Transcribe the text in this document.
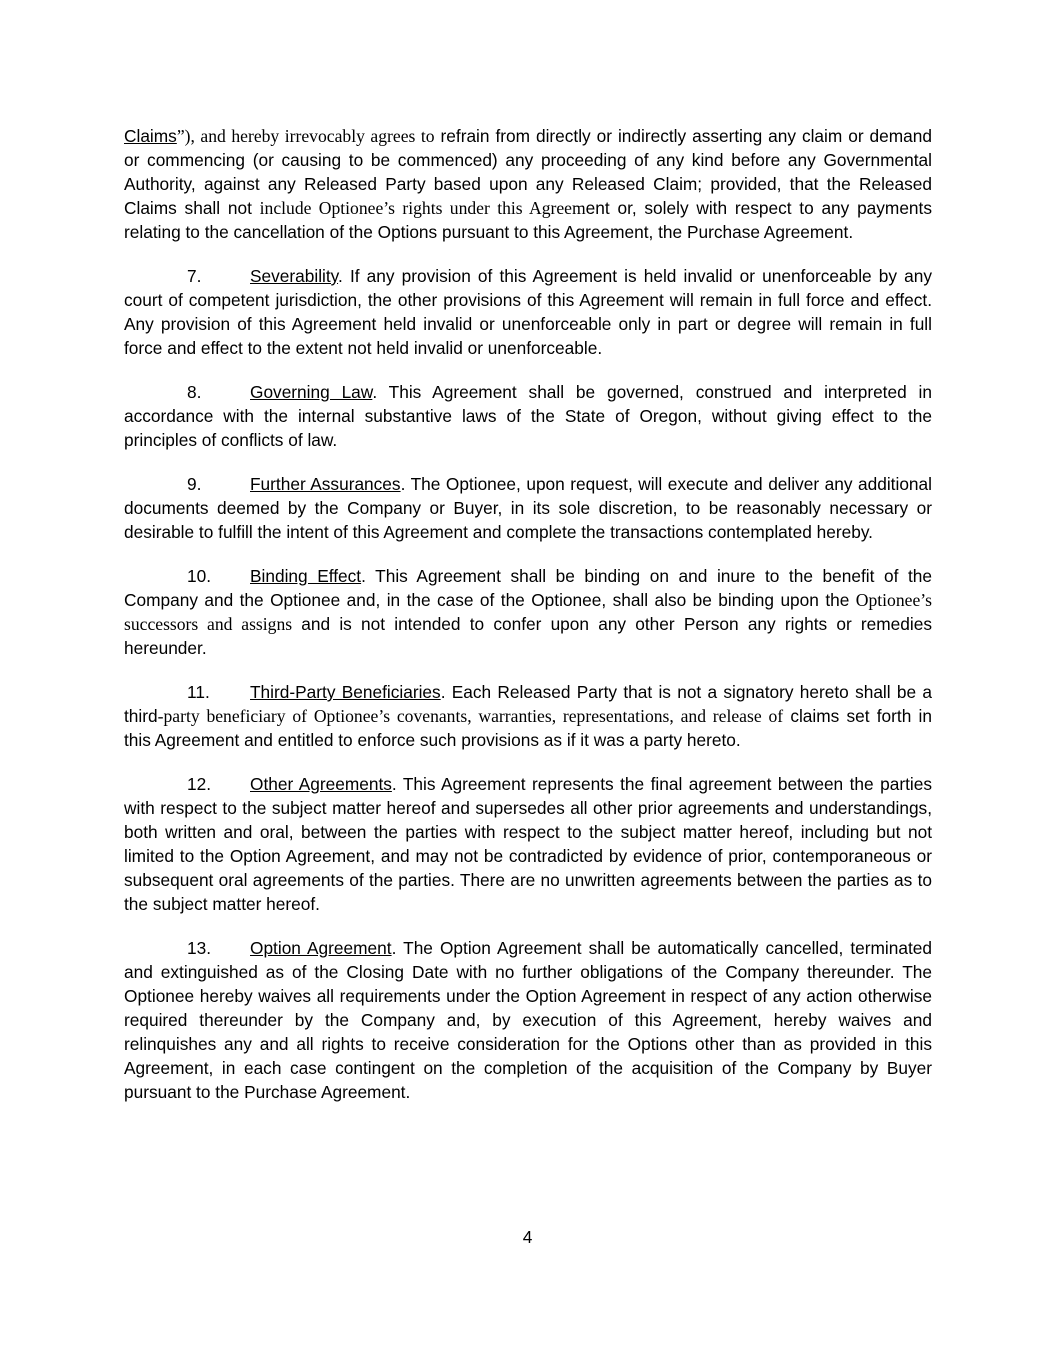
Claims”), and hereby irrevocably agrees to refrain from directly or indirectly asserting any claim or demand or commencing (or causing to be commenced) any proceeding of any kind before any Governmental Authority, against any Released Party based upon any Released Claim; provided, that the Released Claims shall not include Optionee’s rights under this Agreement or, solely with respect to any payments relating to the cancellation of the Options pursuant to this Agreement, the Purchase Agreement.

7.	Severability. If any provision of this Agreement is held invalid or unenforceable by any court of competent jurisdiction, the other provisions of this Agreement will remain in full force and effect. Any provision of this Agreement held invalid or unenforceable only in part or degree will remain in full force and effect to the extent not held invalid or unenforceable.

8.	Governing Law. This Agreement shall be governed, construed and interpreted in accordance with the internal substantive laws of the State of Oregon, without giving effect to the principles of conflicts of law.

9.	Further Assurances. The Optionee, upon request, will execute and deliver any additional documents deemed by the Company or Buyer, in its sole discretion, to be reasonably necessary or desirable to fulfill the intent of this Agreement and complete the transactions contemplated hereby.

10. Binding Effect. This Agreement shall be binding on and inure to the benefit of the Company and the Optionee and, in the case of the Optionee, shall also be binding upon the Optionee’s successors and assigns and is not intended to confer upon any other Person any rights or remedies hereunder.

11. Third-Party Beneficiaries. Each Released Party that is not a signatory hereto shall be a third-party beneficiary of Optionee’s covenants, warranties, representations, and release of claims set forth in this Agreement and entitled to enforce such provisions as if it was a party hereto.

12. Other Agreements. This Agreement represents the final agreement between the parties with respect to the subject matter hereof and supersedes all other prior agreements and understandings, both written and oral, between the parties with respect to the subject matter hereof, including but not limited to the Option Agreement, and may not be contradicted by evidence of prior, contemporaneous or subsequent oral agreements of the parties. There are no unwritten agreements between the parties as to the subject matter hereof.

13. Option Agreement. The Option Agreement shall be automatically cancelled, terminated and extinguished as of the Closing Date with no further obligations of the Company thereunder. The Optionee hereby waives all requirements under the Option Agreement in respect of any action otherwise required thereunder by the Company and, by execution of this Agreement, hereby waives and relinquishes any and all rights to receive consideration for the Options other than as provided in this Agreement, in each case contingent on the completion of the acquisition of the Company by Buyer pursuant to the Purchase Agreement.

4
